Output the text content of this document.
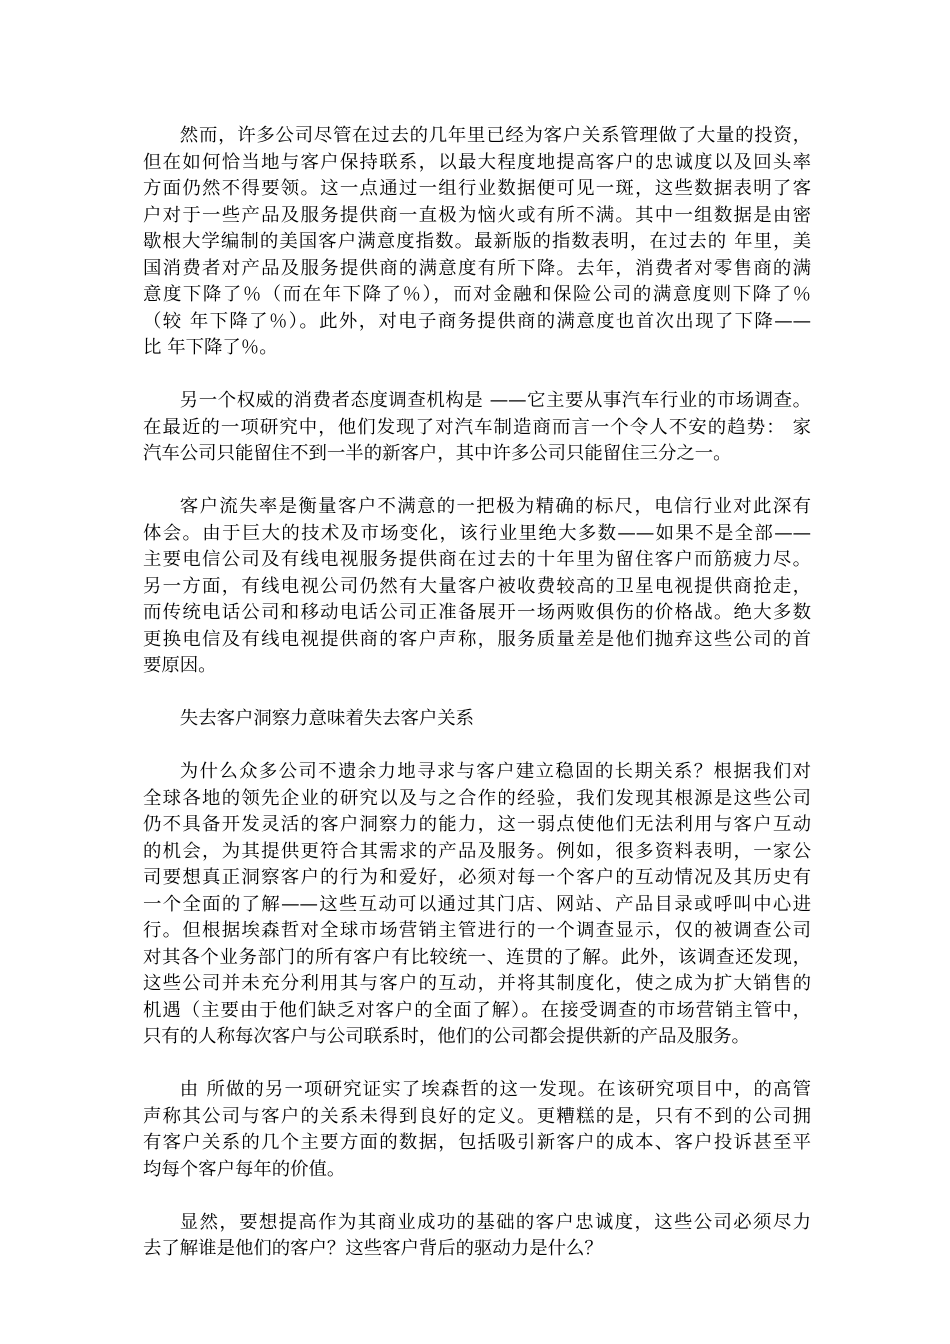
然而，许多公司尽管在过去的几年里已经为客户关系管理做了大量的投资，
但在如何恰当地与客户保持联系，以最大程度地提高客户的忠诚度以及回头率
方面仍然不得要领。这一点通过一组行业数据便可见一斑，这些数据表明了客
户对于一些产品及服务提供商一直极为恼火或有所不满。其中一组数据是由密
歇根大学编制的美国客户满意度指数。最新版的指数表明，在过去的 年里，美
国消费者对产品及服务提供商的满意度有所下降。去年，消费者对零售商的满
意度下降了％（而在年下降了％），而对金融和保险公司的满意度则下降了％
（较 年下降了％）。此外，对电子商务提供商的满意度也首次出现了下降——
比 年下降了％。
另一个权威的消费者态度调查机构是 ——它主要从事汽车行业的市场调查。
在最近的一项研究中，他们发现了对汽车制造商而言一个令人不安的趋势： 家
汽车公司只能留住不到一半的新客户，其中许多公司只能留住三分之一。
客户流失率是衡量客户不满意的一把极为精确的标尺，电信行业对此深有
体会。由于巨大的技术及市场变化，该行业里绝大多数——如果不是全部——
主要电信公司及有线电视服务提供商在过去的十年里为留住客户而筋疲力尽。
另一方面，有线电视公司仍然有大量客户被收费较高的卫星电视提供商抢走，
而传统电话公司和移动电话公司正准备展开一场两败俱伤的价格战。绝大多数
更换电信及有线电视提供商的客户声称，服务质量差是他们抛弃这些公司的首
要原因。
失去客户洞察力意味着失去客户关系
为什么众多公司不遗余力地寻求与客户建立稳固的长期关系？根据我们对
全球各地的领先企业的研究以及与之合作的经验，我们发现其根源是这些公司
仍不具备开发灵活的客户洞察力的能力，这一弱点使他们无法利用与客户互动
的机会，为其提供更符合其需求的产品及服务。例如，很多资料表明，一家公
司要想真正洞察客户的行为和爱好，必须对每一个客户的互动情况及其历史有
一个全面的了解——这些互动可以通过其门店、网站、产品目录或呼叫中心进
行。但根据埃森哲对全球市场营销主管进行的一个调查显示，仅的被调查公司
对其各个业务部门的所有客户有比较统一、连贯的了解。此外，该调查还发现，
这些公司并未充分利用其与客户的互动，并将其制度化，使之成为扩大销售的
机遇（主要由于他们缺乏对客户的全面了解）。在接受调查的市场营销主管中，
只有的人称每次客户与公司联系时，他们的公司都会提供新的产品及服务。
由 所做的另一项研究证实了埃森哲的这一发现。在该研究项目中，的高管
声称其公司与客户的关系未得到良好的定义。更糟糕的是，只有不到的公司拥
有客户关系的几个主要方面的数据，包括吸引新客户的成本、客户投诉甚至平
均每个客户每年的价值。
显然，要想提高作为其商业成功的基础的客户忠诚度，这些公司必须尽力
去了解谁是他们的客户？这些客户背后的驱动力是什么？
